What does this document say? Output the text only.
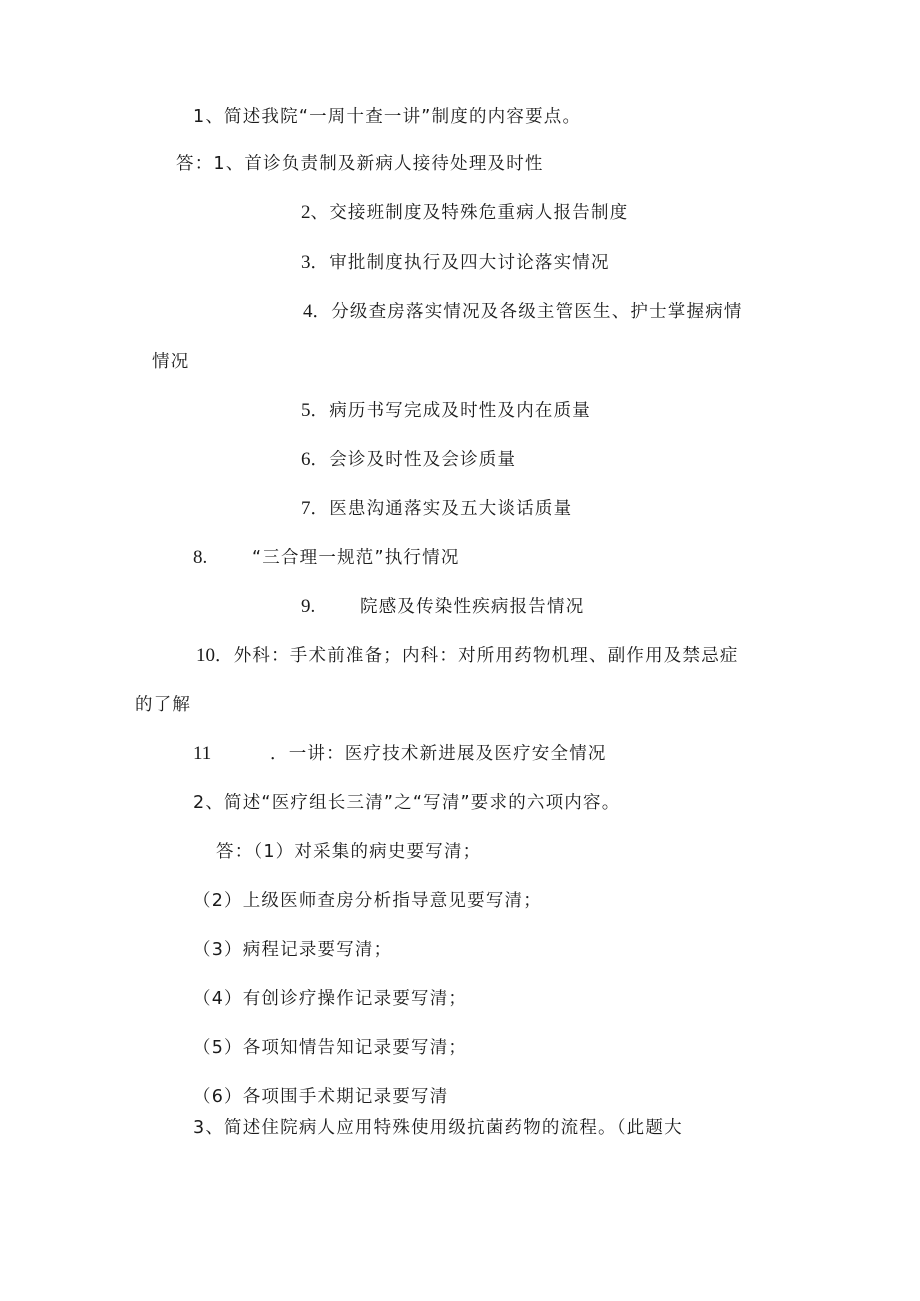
1、简述我院“一周十查一讲”制度的内容要点。
答：1、首诊负责制及新病人接待处理及时性
2、交接班制度及特殊危重病人报告制度
3．审批制度执行及四大讨论落实情况
4．分级查房落实情况及各级主管医生、护士掌握病情
情况
5．病历书写完成及时性及内在质量
6．会诊及时性及会诊质量
7．医患沟通落实及五大谈话质量
8.	“三合理一规范”执行情况
9.	院感及传染性疾病报告情况
10．外科：手术前准备；内科：对所用药物机理、副作用及禁忌症
的了解
11	．一讲：医疗技术新进展及医疗安全情况
2、简述“医疗组长三清”之“写清”要求的六项内容。
答：（1）对采集的病史要写清；
（2）上级医师查房分析指导意见要写清；
（3）病程记录要写清；
（4）有创诊疗操作记录要写清；
（5）各项知情告知记录要写清；
（6）各项围手术期记录要写清
3、简述住院病人应用特殊使用级抗菌药物的流程。（此题大
